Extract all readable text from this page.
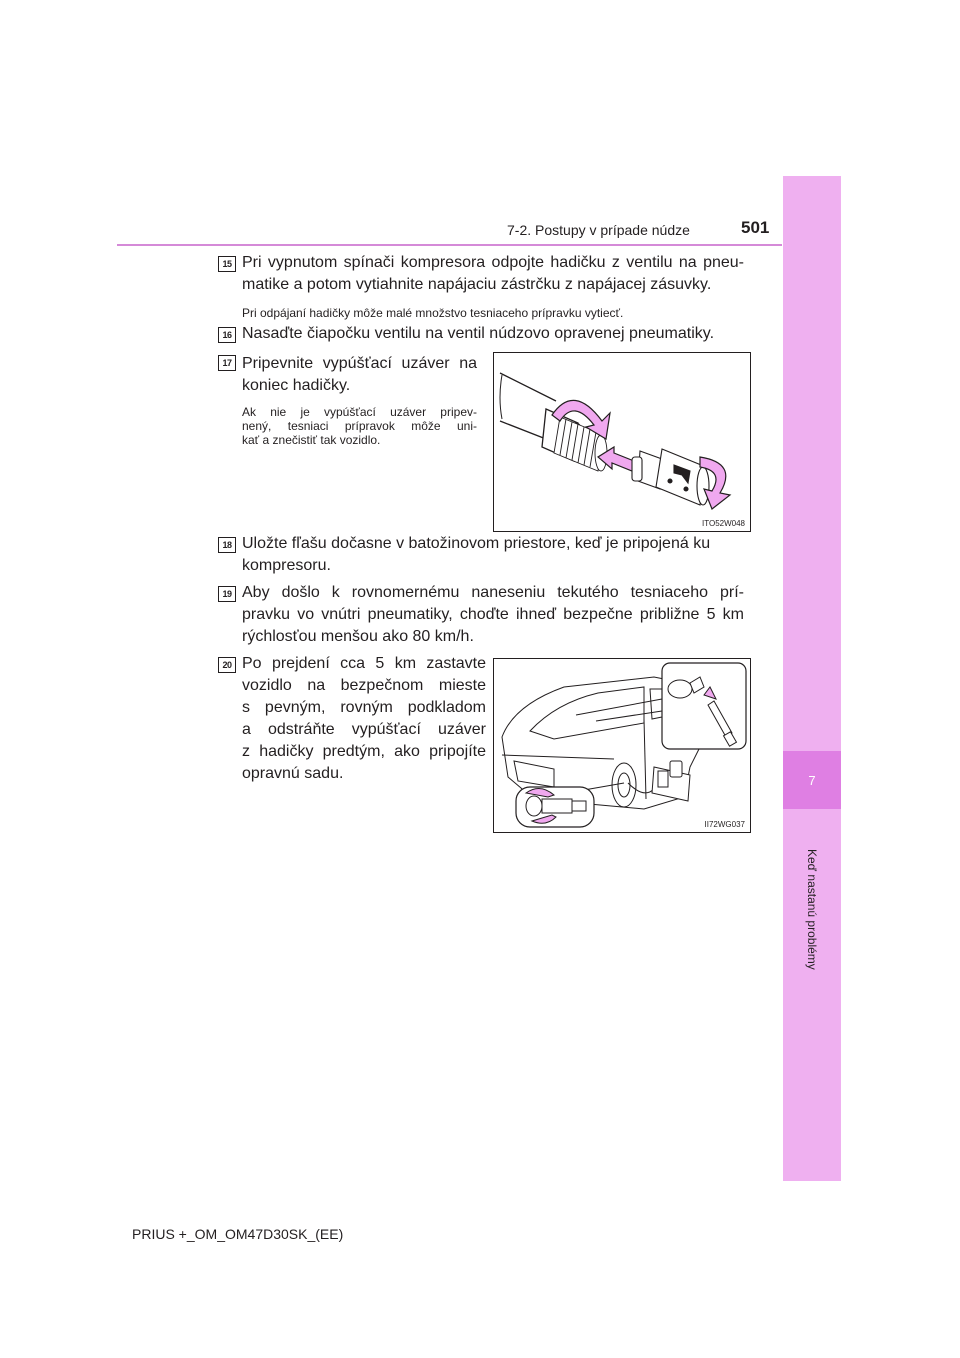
7
Keď nastanú problémy
7-2. Postupy v prípade núdze	501
15 Pri vypnutom spínači kompresora odpojte hadičku z ventilu na pneu-
matike a potom vytiahnite napájaciu zástrčku z napájacej zásuvky.
Pri odpájaní hadičky môže malé množstvo tesniaceho prípravku vytiecť.
16 Nasaďte čiapočku ventilu na ventil núdzovo opravenej pneumatiky.
17 Pripevnite vypúšťací uzáver na
koniec hadičky.
Ak nie je vypúšťací uzáver pripev-
nený, tesniaci prípravok môže uni-
kať a znečistiť tak vozidlo.
ITO52W048
18 Uložte fľašu dočasne v batožinovom priestore, keď je pripojená ku
kompresoru.
19 Aby došlo k rovnomernému naneseniu tekutého tesniaceho prí-
pravku vo vnútri pneumatiky, choďte ihneď bezpečne približne 5 km
rýchlosťou menšou ako 80 km/h.
20 Po prejdení cca 5 km zastavte
vozidlo na bezpečnom mieste
s pevným, rovným podkladom
a odstráňte vypúšťací uzáver
z hadičky predtým, ako pripojíte
opravnú sadu.
II72WG037
PRIUS +_OM_OM47D30SK_(EE)
